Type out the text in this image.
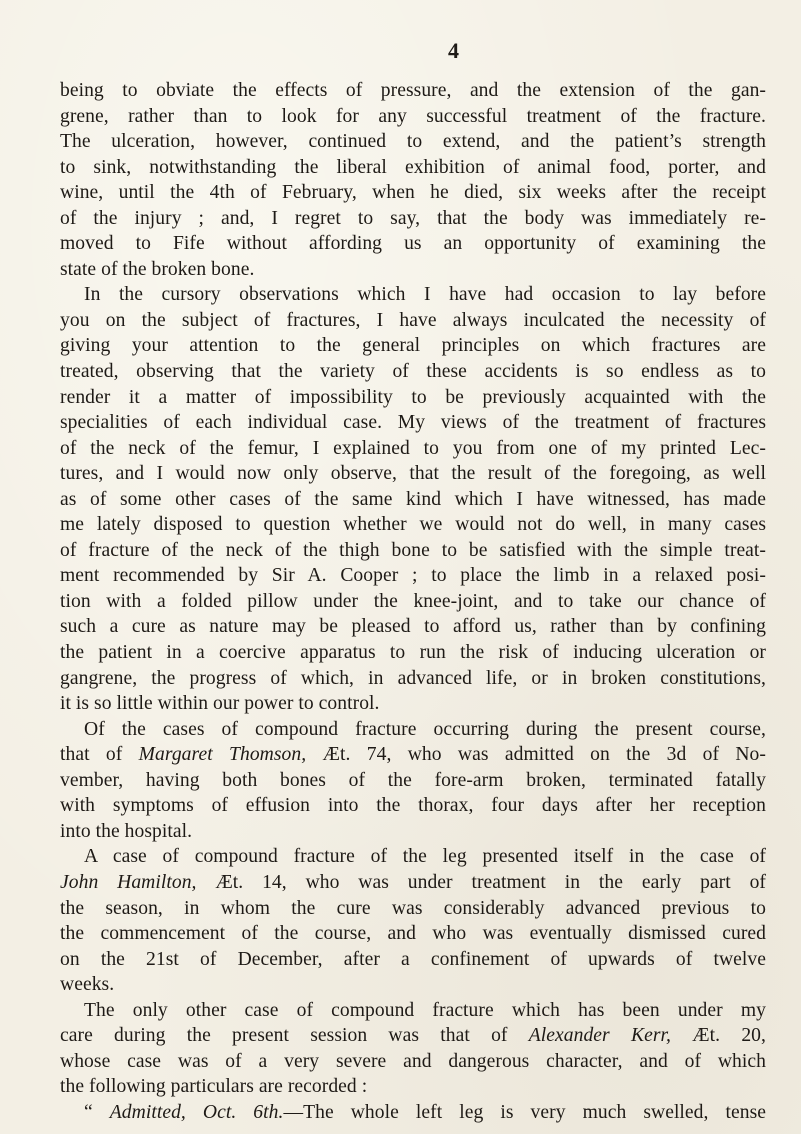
4
being to obviate the effects of pressure, and the extension of the gan-
grene, rather than to look for any successful treatment of the fracture.
The ulceration, however, continued to extend, and the patient’s strength
to sink, notwithstanding the liberal exhibition of animal food, porter, and
wine, until the 4th of February, when he died, six weeks after the receipt
of the injury ; and, I regret to say, that the body was immediately re-
moved to Fife without affording us an opportunity of examining the
state of the broken bone.
In the cursory observations which I have had occasion to lay before
you on the subject of fractures, I have always inculcated the necessity of
giving your attention to the general principles on which fractures are
treated, observing that the variety of these accidents is so endless as to
render it a matter of impossibility to be previously acquainted with the
specialities of each individual case. My views of the treatment of fractures
of the neck of the femur, I explained to you from one of my printed Lec-
tures, and I would now only observe, that the result of the foregoing, as well
as of some other cases of the same kind which I have witnessed, has made
me lately disposed to question whether we would not do well, in many cases
of fracture of the neck of the thigh bone to be satisfied with the simple treat-
ment recommended by Sir A. Cooper ; to place the limb in a relaxed posi-
tion with a folded pillow under the knee-joint, and to take our chance of
such a cure as nature may be pleased to afford us, rather than by confining
the patient in a coercive apparatus to run the risk of inducing ulceration or
gangrene, the progress of which, in advanced life, or in broken constitutions,
it is so little within our power to control.
Of the cases of compound fracture occurring during the present course,
that of Margaret Thomson, Æt. 74, who was admitted on the 3d of No-
vember, having both bones of the fore-arm broken, terminated fatally
with symptoms of effusion into the thorax, four days after her reception
into the hospital.
A case of compound fracture of the leg presented itself in the case of
John Hamilton, Æt. 14, who was under treatment in the early part of
the season, in whom the cure was considerably advanced previous to
the commencement of the course, and who was eventually dismissed cured
on the 21st of December, after a confinement of upwards of twelve
weeks.
The only other case of compound fracture which has been under my
care during the present session was that of Alexander Kerr, Æt. 20,
whose case was of a very severe and dangerous character, and of which
the following particulars are recorded :
“ Admitted, Oct. 6th.—The whole left leg is very much swelled, tense
